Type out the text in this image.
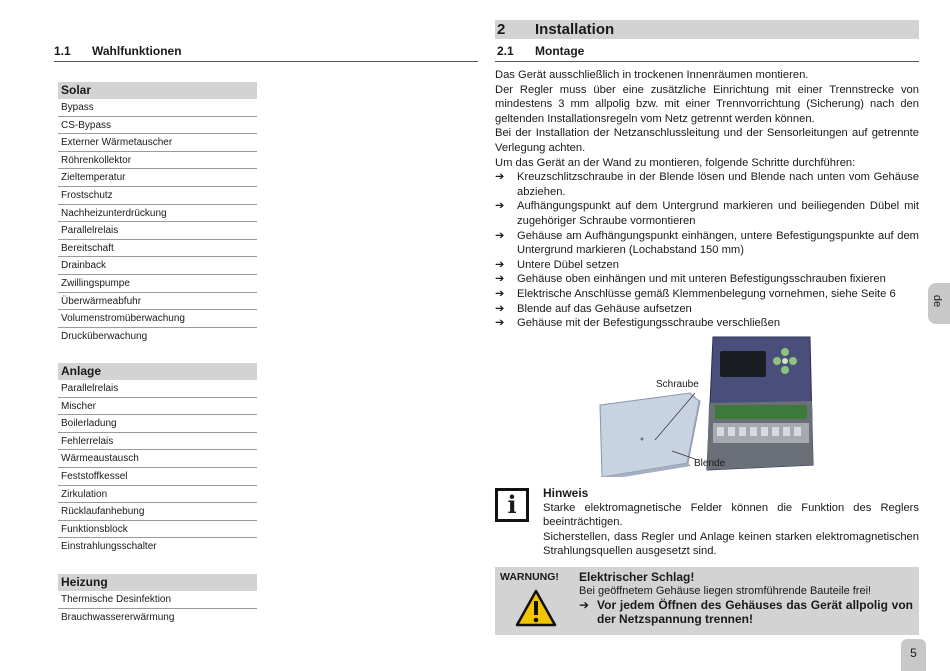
1.1 Wahlfunktionen
Solar
Bypass
CS-Bypass
Externer Wärmetauscher
Röhrenkollektor
Zieltemperatur
Frostschutz
Nachheizunterdrückung
Parallelrelais
Bereitschaft
Drainback
Zwillingspumpe
Überwärmeabfuhr
Volumenstromüberwachung
Drucküberwachung
Anlage
Parallelrelais
Mischer
Boilerladung
Fehlerrelais
Wärmeaustausch
Feststoffkessel
Zirkulation
Rücklaufanhebung
Funktionsblock
Einstrahlungsschalter
Heizung
Thermische Desinfektion
Brauchwassererwärmung
2 Installation
2.1 Montage

Das Gerät ausschließlich in trockenen Innenräumen montieren.

Der Regler muss über eine zusätzliche Einrichtung mit einer Trennstrecke von mindestens 3 mm allpolig bzw. mit einer Trennvorrichtung (Sicherung) nach den geltenden Installationsregeln vom Netz getrennt werden können.

Bei der Installation der Netzanschlussleitung und der Sensorleitungen auf getrennte Verlegung achten.

Um das Gerät an der Wand zu montieren, folgende Schritte durchführen:

➔	Kreuzschlitzschraube in der Blende lösen und Blende nach unten vom Gehäuse abziehen.
➔	Aufhängungspunkt auf dem Untergrund markieren und beiliegenden Dübel mit zugehöriger Schraube vormontieren
➔	Gehäuse am Aufhängungspunkt einhängen, untere Befestigungspunkte auf dem Untergrund markieren (Lochabstand 150 mm)
➔	Untere Dübel setzen
➔	Gehäuse oben einhängen und mit unteren Befestigungsschrauben fixieren
➔	Elektrische Anschlüsse gemäß Klemmenbelegung vornehmen, siehe Seite 6
➔	Blende auf das Gehäuse aufsetzen
➔	Gehäuse mit der Befestigungsschraube verschließen
Schraube
Blende
i	Hinweis
Starke elektromagnetische Felder können die Funktion des Reglers beeinträchtigen.
Sicherstellen, dass Regler und Anlage keinen starken elektromagnetischen Strahlungsquellen ausgesetzt sind.
WARNUNG! Elektrischer Schlag!
Bei geöffnetem Gehäuse liegen stromführende Bauteile frei!
➔ Vor jedem Öffnen des Gehäuses das Gerät allpolig von der Netzspannung trennen!
de
5
